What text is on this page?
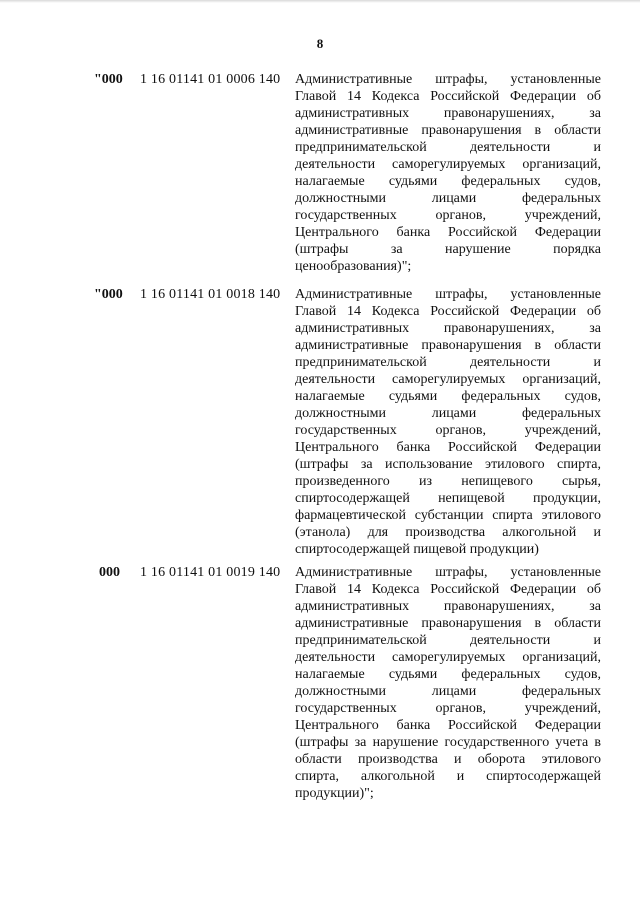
8
"000 1 16 01141 01 0006 140 Административные штрафы, установленные
Главой 14 Кодекса Российской Федерации об
административных правонарушениях, за
административные правонарушения в области
предпринимательской деятельности и
деятельности саморегулируемых организаций,
налагаемые судьями федеральных судов,
должностными лицами федеральных
государственных органов, учреждений,
Центрального банка Российской Федерации
(штрафы за нарушение порядка
ценообразования)";
"000 1 16 01141 01 0018 140 Административные штрафы, установленные
Главой 14 Кодекса Российской Федерации об
административных правонарушениях, за
административные правонарушения в области
предпринимательской деятельности и
деятельности саморегулируемых организаций,
налагаемые судьями федеральных судов,
должностными лицами федеральных
государственных органов, учреждений,
Центрального банка Российской Федерации
(штрафы за использование этилового спирта,
произведенного из непищевого сырья,
спиртосодержащей непищевой продукции,
фармацевтической субстанции спирта этилового
(этанола) для производства алкогольной и
спиртосодержащей пищевой продукции)
000 1 16 01141 01 0019 140 Административные штрафы, установленные
Главой 14 Кодекса Российской Федерации об
административных правонарушениях, за
административные правонарушения в области
предпринимательской деятельности и
деятельности саморегулируемых организаций,
налагаемые судьями федеральных судов,
должностными лицами федеральных
государственных органов, учреждений,
Центрального банка Российской Федерации
(штрафы за нарушение государственного учета в
области производства и оборота этилового
спирта, алкогольной и спиртосодержащей
продукции)";
